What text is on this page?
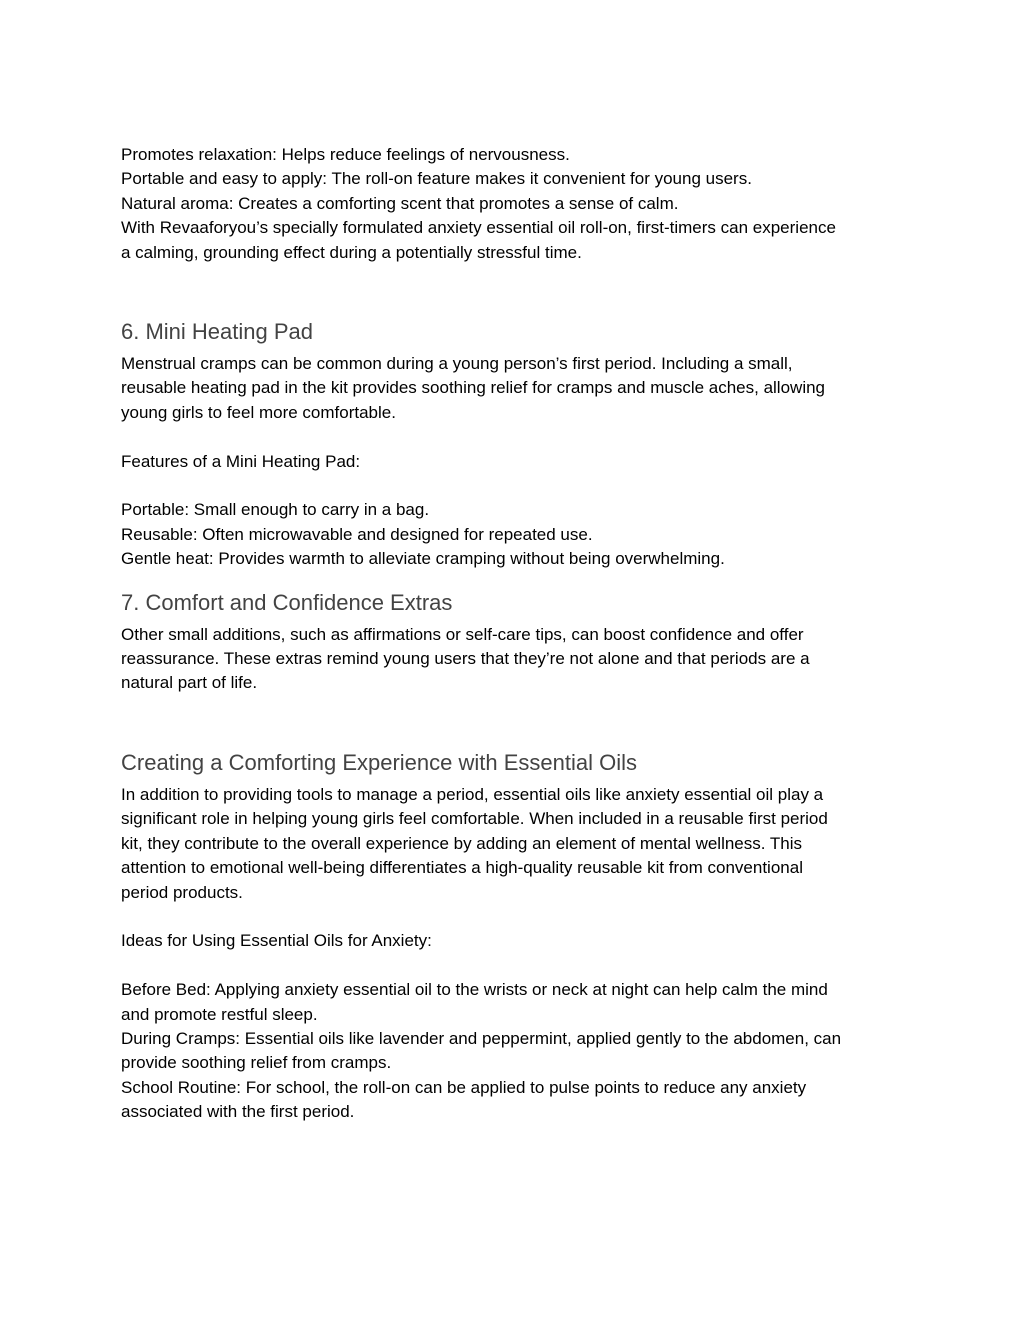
Promotes relaxation: Helps reduce feelings of nervousness.

Portable and easy to apply: The roll-on feature makes it convenient for young users.

Natural aroma: Creates a comforting scent that promotes a sense of calm.

With Revaaforyou’s specially formulated anxiety essential oil roll-on, first-timers can experience

a calming, grounding effect during a potentially stressful time.

6. Mini Heating Pad

Menstrual cramps can be common during a young person’s first period. Including a small,

reusable heating pad in the kit provides soothing relief for cramps and muscle aches, allowing

young girls to feel more comfortable.

Features of a Mini Heating Pad:

Portable: Small enough to carry in a bag.

Reusable: Often microwavable and designed for repeated use.

Gentle heat: Provides warmth to alleviate cramping without being overwhelming.

7. Comfort and Confidence Extras

Other small additions, such as affirmations or self-care tips, can boost confidence and offer

reassurance. These extras remind young users that they’re not alone and that periods are a

natural part of life.

Creating a Comforting Experience with Essential Oils

In addition to providing tools to manage a period, essential oils like anxiety essential oil play a

significant role in helping young girls feel comfortable. When included in a reusable first period

kit, they contribute to the overall experience by adding an element of mental wellness. This

attention to emotional well-being differentiates a high-quality reusable kit from conventional

period products.

Ideas for Using Essential Oils for Anxiety:

Before Bed: Applying anxiety essential oil to the wrists or neck at night can help calm the mind

and promote restful sleep.

During Cramps: Essential oils like lavender and peppermint, applied gently to the abdomen, can

provide soothing relief from cramps.

School Routine: For school, the roll-on can be applied to pulse points to reduce any anxiety

associated with the first period.
